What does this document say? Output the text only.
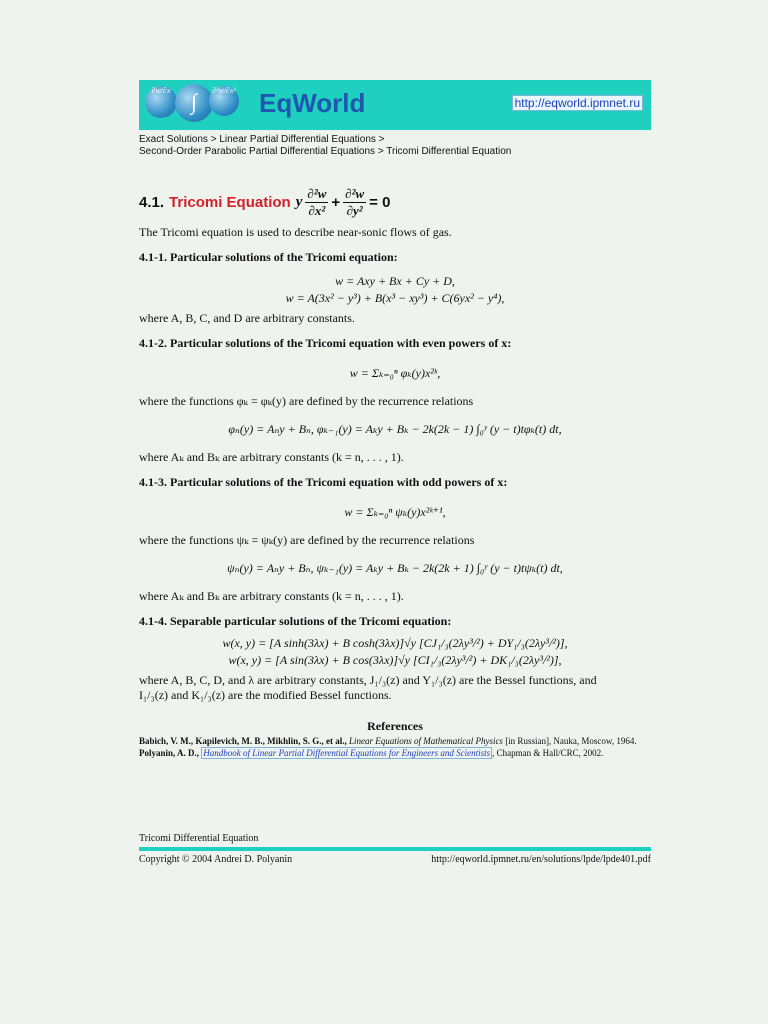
∂w/∂x ∫	∂²w/∂x² EqWorld	http://eqworld.ipmnet.ru
Exact Solutions > Linear Partial Differential Equations >
Second-Order Parabolic Partial Differential Equations > Tricomi Differential Equation
4.1. Tricomi Equation y $\frac{\text{∂²w}}{\text{∂x²}} + \frac{\text{∂²w}}{\text{∂y²}} = 0$

The Tricomi equation is used to describe near-sonic flows of gas.

4.1-1. Particular solutions of the Tricomi equation:

w = Axy + Bx + Cy + D,
w = A(3x² − y³) + B(x³ − xy³) + C(6yx² − y⁴),

where A, B, C, and D are arbitrary constants.

4.1-2. Particular solutions of the Tricomi equation with even powers of x:

w = Σₖ₌₀ⁿ φₖ(y)x²ᵏ,

where the functions φₖ = φₖ(y) are defined by the recurrence relations

φₙ(y) = Aₙy + Bₙ, φₖ₋₁(y) = Aₖy + Bₖ − 2k(2k − 1) ∫₀ʸ (y − t)tφₖ(t) dt,

where Aₖ and Bₖ are arbitrary constants (k = n, . . . , 1).

4.1-3. Particular solutions of the Tricomi equation with odd powers of x:

w = Σₖ₌₀ⁿ ψₖ(y)x²ᵏ⁺¹,

where the functions ψₖ = ψₖ(y) are defined by the recurrence relations

ψₙ(y) = Aₙy + Bₙ, ψₖ₋₁(y) = Aₖy + Bₖ − 2k(2k + 1) ∫₀ʸ (y − t)tψₖ(t) dt,

where Aₖ and Bₖ are arbitrary constants (k = n, . . . , 1).

4.1-4. Separable particular solutions of the Tricomi equation:

w(x, y) = [A sinh(3λx) + B cosh(3λx)]√y [CJ₁/₃(2λy³/²) + DY₁/₃(2λy³/²)],
w(x, y) = [A sin(3λx) + B cos(3λx)]√y [CI₁/₃(2λy³/²) + DK₁/₃(2λy³/²)],

where A, B, C, D, and λ are arbitrary constants, J₁/₃(z) and Y₁/₃(z) are the Bessel functions, and

I₁/₃(z) and K₁/₃(z) are the modified Bessel functions.

References
Babich, V. M., Kapilevich, M. B., Mikhlin, S. G., et al., Linear Equations of Mathematical Physics [in Russian], Nauka, Moscow, 1964.
Polyanin, A. D., Handbook of Linear Partial Differential Equations for Engineers and Scientists , Chapman & Hall/CRC, 2002.
Tricomi Differential Equation
Copyright © 2004 Andrei D. Polyanin	http://eqworld.ipmnet.ru/en/solutions/lpde/lpde401.pdf
